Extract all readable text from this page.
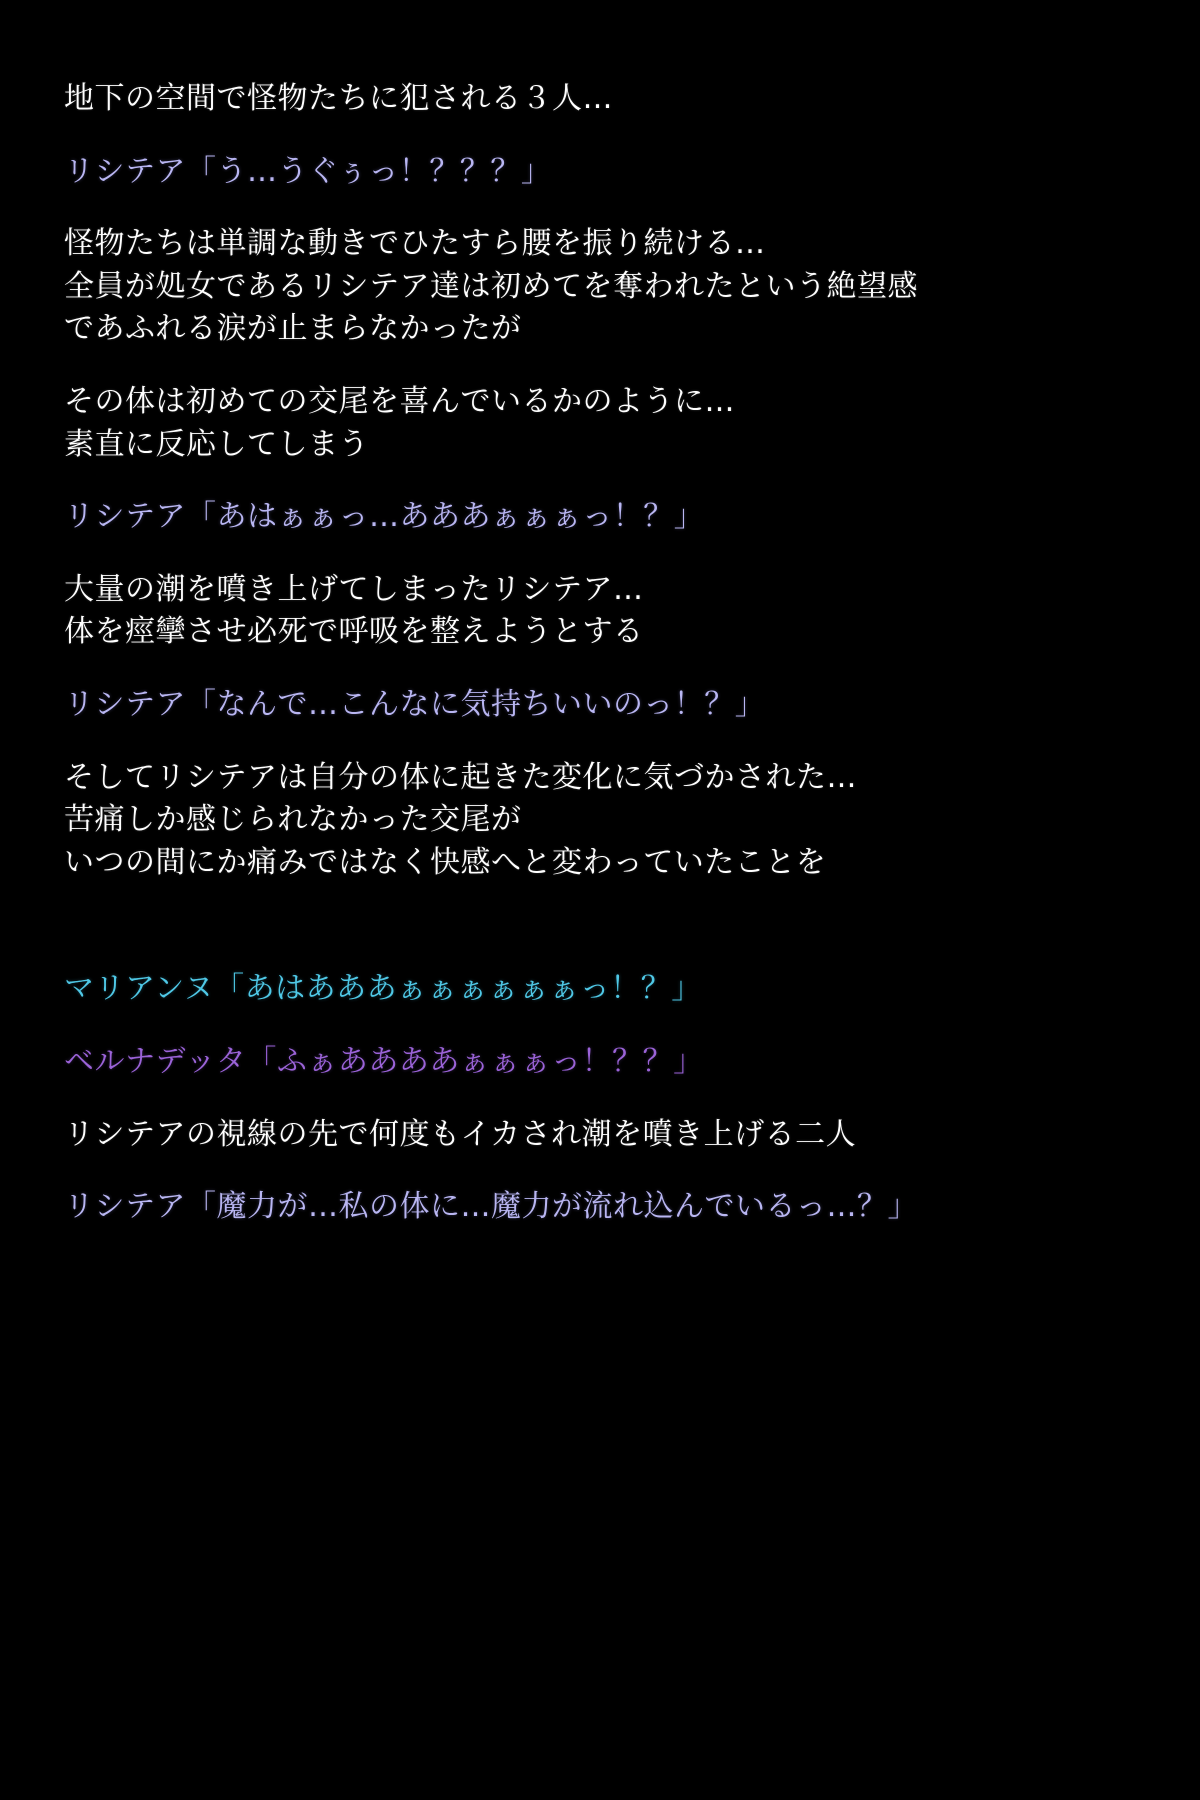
地下の空間で怪物たちに犯される３人…

リシテア「う…うぐぅっ！？？？」

怪物たちは単調な動きでひたすら腰を振り続ける…

全員が処女であるリシテア達は初めてを奪われたという絶望感

であふれる涙が止まらなかったが

その体は初めての交尾を喜んでいるかのように…

素直に反応してしまう

リシテア「あはぁぁっ…あああぁぁぁっ！？」

大量の潮を噴き上げてしまったリシテア…

体を痙攣させ必死で呼吸を整えようとする

リシテア「なんで…こんなに気持ちいいのっ！？」

そしてリシテアは自分の体に起きた変化に気づかされた…

苦痛しか感じられなかった交尾が

いつの間にか痛みではなく快感へと変わっていたことを

マリアンヌ「あはあああぁぁぁぁぁぁっ！？」

ベルナデッタ「ふぁああああぁぁぁっ！？？」

リシテアの視線の先で何度もイカされ潮を噴き上げる二人

リシテア「魔力が…私の体に…魔力が流れ込んでいるっ…？」
